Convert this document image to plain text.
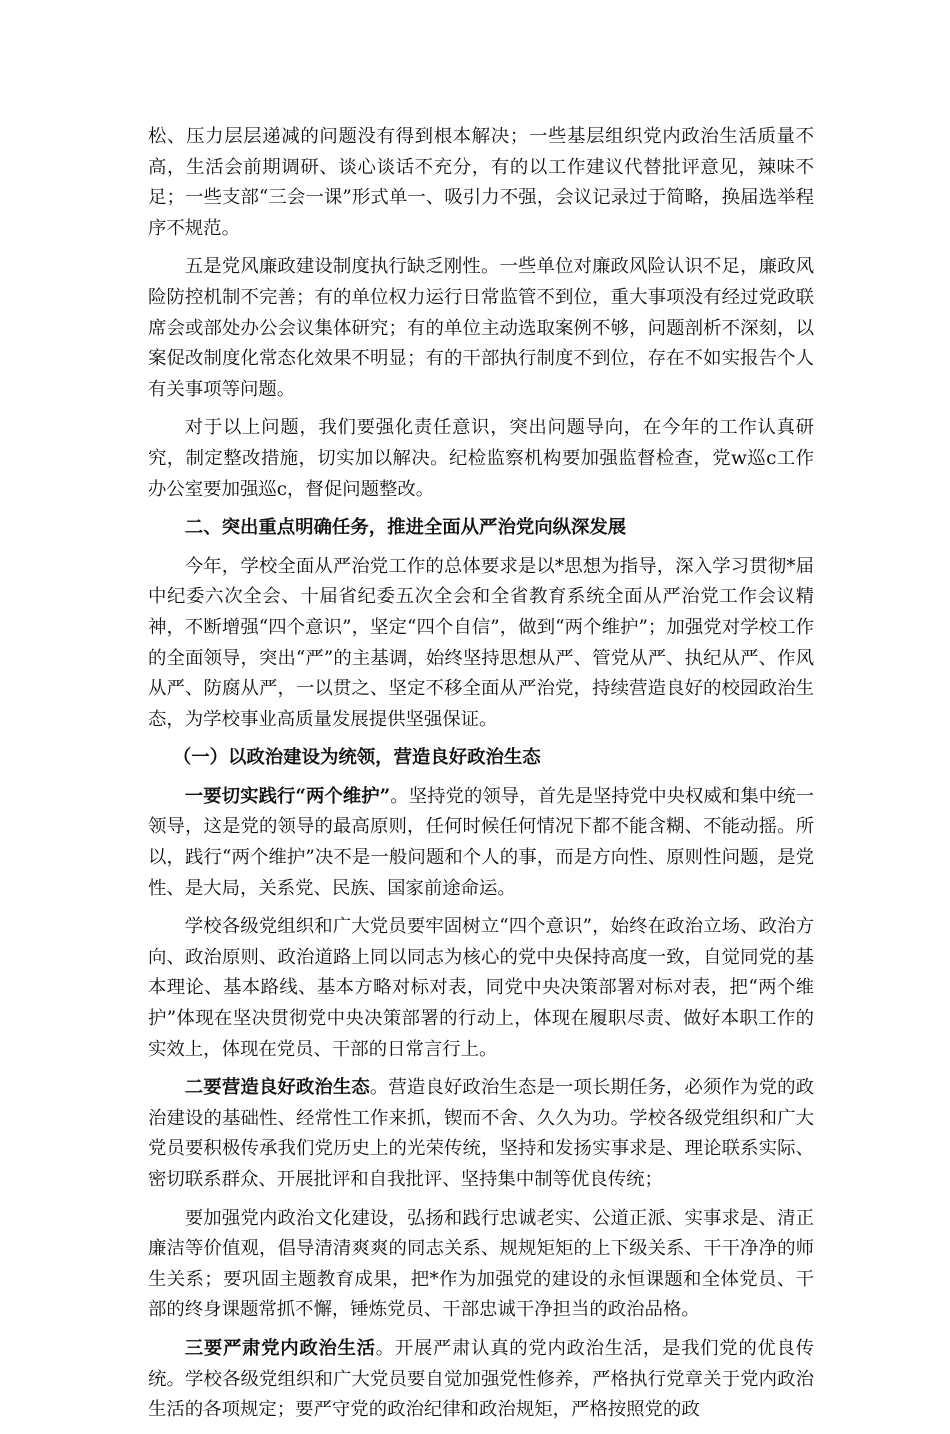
松、压力层层递减的问题没有得到根本解决；一些基层组织党内政治生活质量不高，生活会前期调研、谈心谈话不充分，有的以工作建议代替批评意见，辣味不足；一些支部“三会一课”形式单一、吸引力不强，会议记录过于简略，换届选举程序不规范。

五是党风廉政建设制度执行缺乏刚性。一些单位对廉政风险认识不足，廉政风险防控机制不完善；有的单位权力运行日常监管不到位，重大事项没有经过党政联席会或部处办公会议集体研究；有的单位主动选取案例不够，问题剖析不深刻，以案促改制度化常态化效果不明显；有的干部执行制度不到位，存在不如实报告个人有关事项等问题。

对于以上问题，我们要强化责任意识，突出问题导向，在今年的工作认真研究，制定整改措施，切实加以解决。纪检监察机构要加强监督检查，党w巡c工作办公室要加强巡c，督促问题整改。

二、突出重点明确任务，推进全面从严治党向纵深发展

今年，学校全面从严治党工作的总体要求是以*思想为指导，深入学习贯彻*届中纪委六次全会、十届省纪委五次全会和全省教育系统全面从严治党工作会议精神，不断增强“四个意识”，坚定“四个自信”，做到“两个维护”；加强党对学校工作的全面领导，突出“严”的主基调，始终坚持思想从严、管党从严、执纪从严、作风从严、防腐从严，一以贯之、坚定不移全面从严治党，持续营造良好的校园政治生态，为学校事业高质量发展提供坚强保证。

（一）以政治建设为统领，营造良好政治生态

一要切实践行“两个维护”。坚持党的领导，首先是坚持党中央权威和集中统一领导，这是党的领导的最高原则，任何时候任何情况下都不能含糊、不能动摇。所以，践行“两个维护”决不是一般问题和个人的事，而是方向性、原则性问题，是党性、是大局，关系党、民族、国家前途命运。

学校各级党组织和广大党员要牢固树立“四个意识”，始终在政治立场、政治方向、政治原则、政治道路上同以同志为核心的党中央保持高度一致，自觉同党的基本理论、基本路线、基本方略对标对表，同党中央决策部署对标对表，把“两个维护”体现在坚决贯彻党中央决策部署的行动上，体现在履职尽责、做好本职工作的实效上，体现在党员、干部的日常言行上。

二要营造良好政治生态。营造良好政治生态是一项长期任务，必须作为党的政治建设的基础性、经常性工作来抓，锲而不舍、久久为功。学校各级党组织和广大党员要积极传承我们党历史上的光荣传统，坚持和发扬实事求是、理论联系实际、密切联系群众、开展批评和自我批评、坚持集中制等优良传统；

要加强党内政治文化建设，弘扬和践行忠诚老实、公道正派、实事求是、清正廉洁等价值观，倡导清清爽爽的同志关系、规规矩矩的上下级关系、干干净净的师生关系；要巩固主题教育成果，把*作为加强党的建设的永恒课题和全体党员、干部的终身课题常抓不懈，锤炼党员、干部忠诚干净担当的政治品格。

三要严肃党内政治生活。开展严肃认真的党内政治生活，是我们党的优良传统。学校各级党组织和广大党员要自觉加强党性修养，严格执行党章关于党内政治生活的各项规定；要严守党的政治纪律和政治规矩，严格按照党的政
